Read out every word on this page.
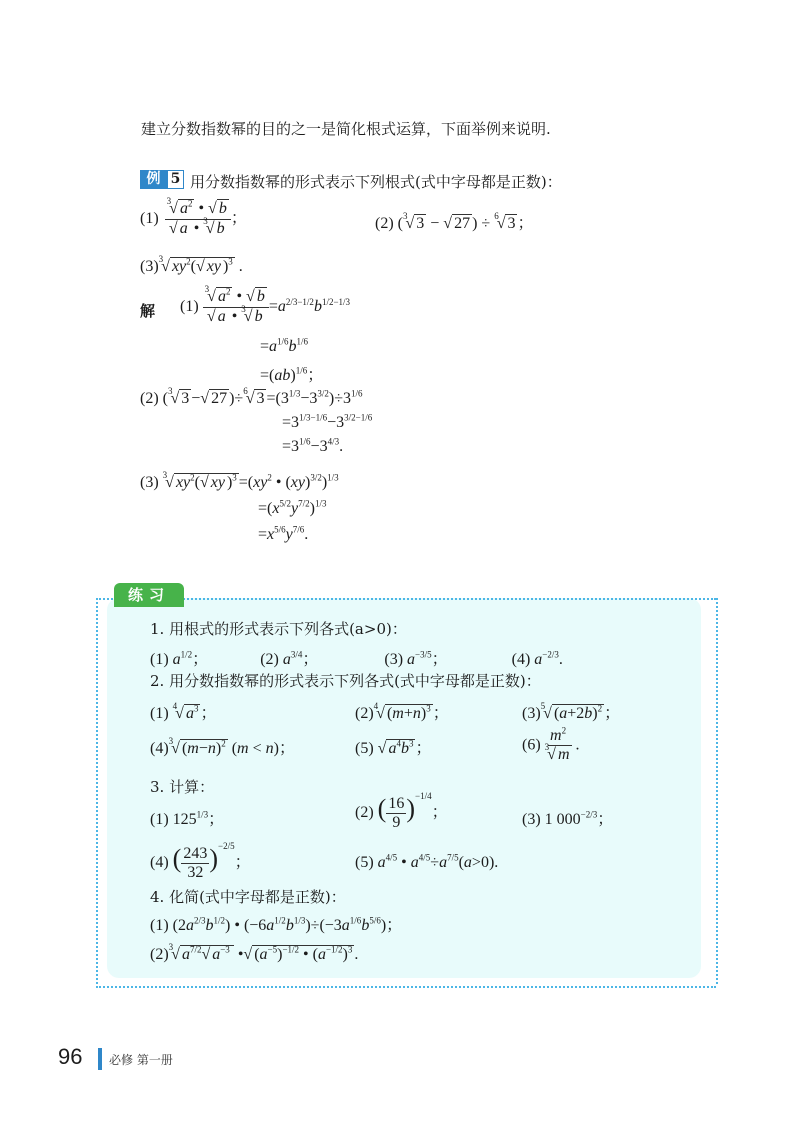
建立分数指数幂的目的之一是简化根式运算，下面举例来说明.
例 5 用分数指数幂的形式表示下列根式(式中字母都是正数)：
$(1) \frac{^3√ a^2 • √ b}{√ a • ^3√ b}$ ；	(2) ($^3$√ 3 − √ 27 ) ÷ $^6$√ 3 ；
$(3)^3√$ $xy^2(√$ xy )$^3$ .
解 $(1) \frac{^3√ a^2 • √ b}{√ a • ^3√ b} =a^{2/3-1/2}b^{1/2-1/3}$
$=a^{1/6}b^{1/6}$
=(ab)$^{1/6}$；
(2) ($^3$√ 3 −√ 27 )÷$^6$√ $3 =(3^{1/3}-3^{3/2})\div 3^{1/6}$
$=3^{1/3-1/6}-3^{3/2-1/6}$
$=3^{1/6}-3^{4/3}$.
(3) $^3$√ $xy^2(√$ xy )$^3 =(xy^2$ • (xy)$^{3/2}$)$^{1/3}$
$=(x^{5/2}y^{7/2})^{1/3}$
$=x^{5/6}y^{7/6}$.
练习
1. 用根式的形式表示下列各式(a>0)：
(1) $a^{1/2}$；	(2) $a^{3/4}$；	(3) $a^{-3/5}$；	(4) $a^{-2/3}$.
2. 用分数指数幂的形式表示下列各式(式中字母都是正数)：
(1) $^4$√ $a^3$ ；	$(2)^4√$ $(m+n)^3$ ；	$(3)^5√$ $(a+2b)^2$ ；
$(4)^3√$ $(m-n)^2$ (m < n)；	(5) √ $a^4b^3$ ；	$(6) \frac{m^2}{^3√ m}$ .
3. 计算：
(1) $125^{1/3}$；	(2) ( $\frac{16}{9} )^{-1/4}$；	(3) 1 $000^{-2/3}$；
(4) ( $\frac{243}{32} )^{-2/5}$；	(5) $a^{4/5}$ • $a^{4/5}\div a^{7/5}(a>0)$.
4. 化简(式中字母都是正数)：
(1) $(2a^{2/3}b^{1/2})$ • $(-6a^{1/2}b^{1/3})\div(-3a^{1/6}b^{5/6})$；
$(2)^3√$ $a^{7/2}√$ $a^{-3}$ •√ $(a^{-5})^{-1/2}$ • $(a^{-1/2})^3$ .
96 必修 第一册
